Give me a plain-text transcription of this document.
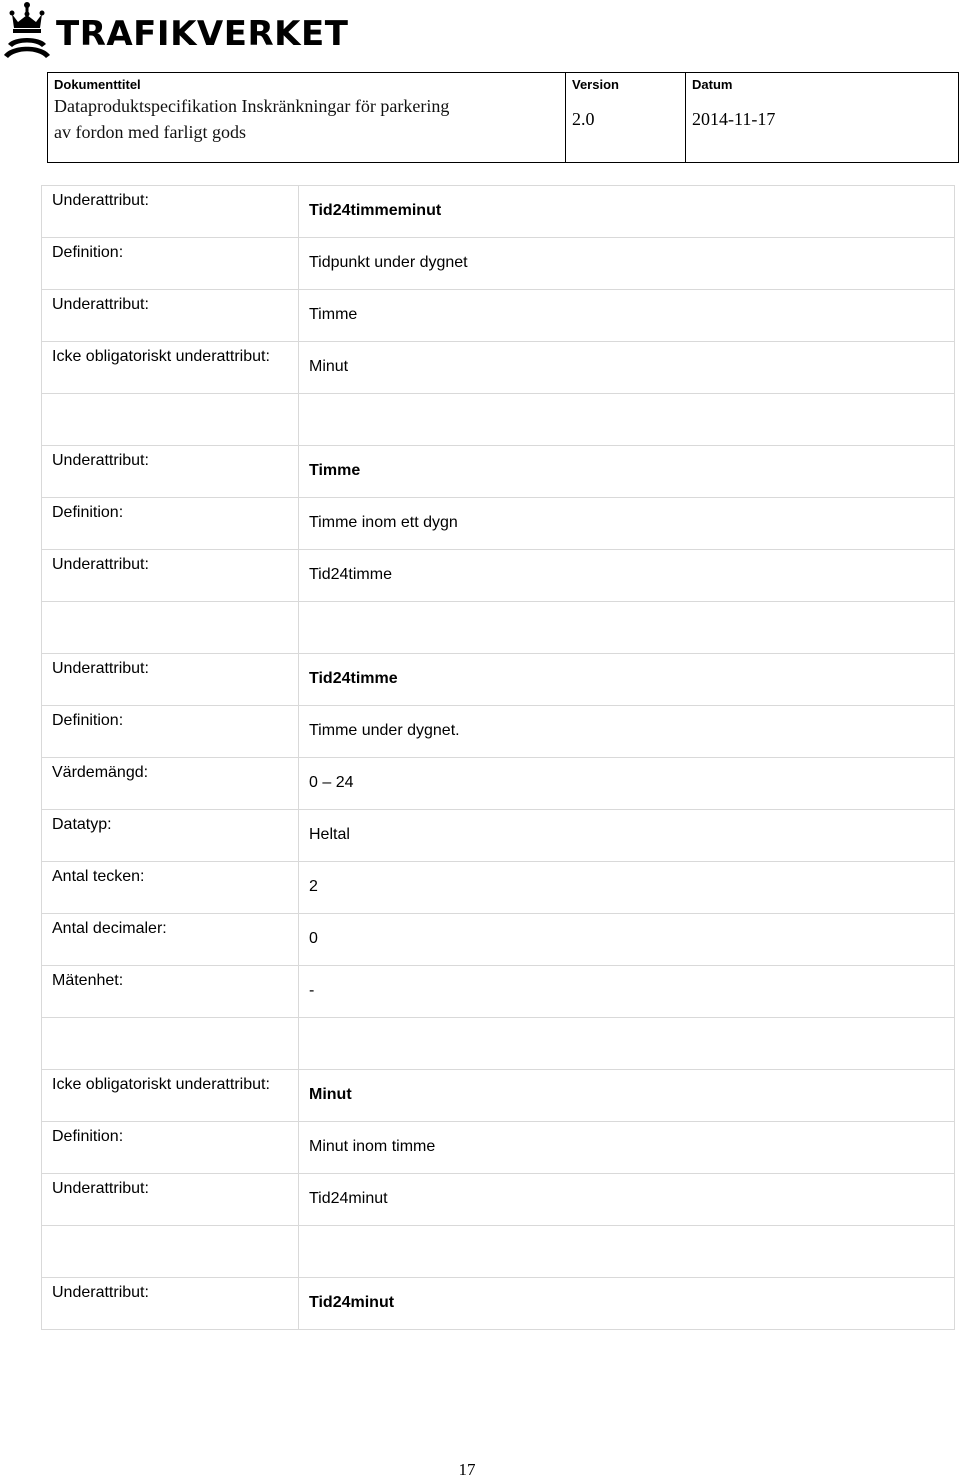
TRAFIKVERKET
Dokumenttitel
Dataproduktspecifikation Inskränkningar för parkering
av fordon med farligt gods
Version
2.0
Datum
2014-11-17
Underattribut:	Tid24timmeminut
Definition:	Tidpunkt under dygnet
Underattribut:	Timme
Icke obligatoriskt underattribut:	Minut

Underattribut:	Timme
Definition:	Timme inom ett dygn
Underattribut:	Tid24timme

Underattribut:	Tid24timme
Definition:	Timme under dygnet.
Värdemängd:	0 – 24
Datatyp:	Heltal
Antal tecken:	2
Antal decimaler:	0
Mätenhet:	-

Icke obligatoriskt underattribut:	Minut
Definition:	Minut inom timme
Underattribut:	Tid24minut

Underattribut:	Tid24minut
17
